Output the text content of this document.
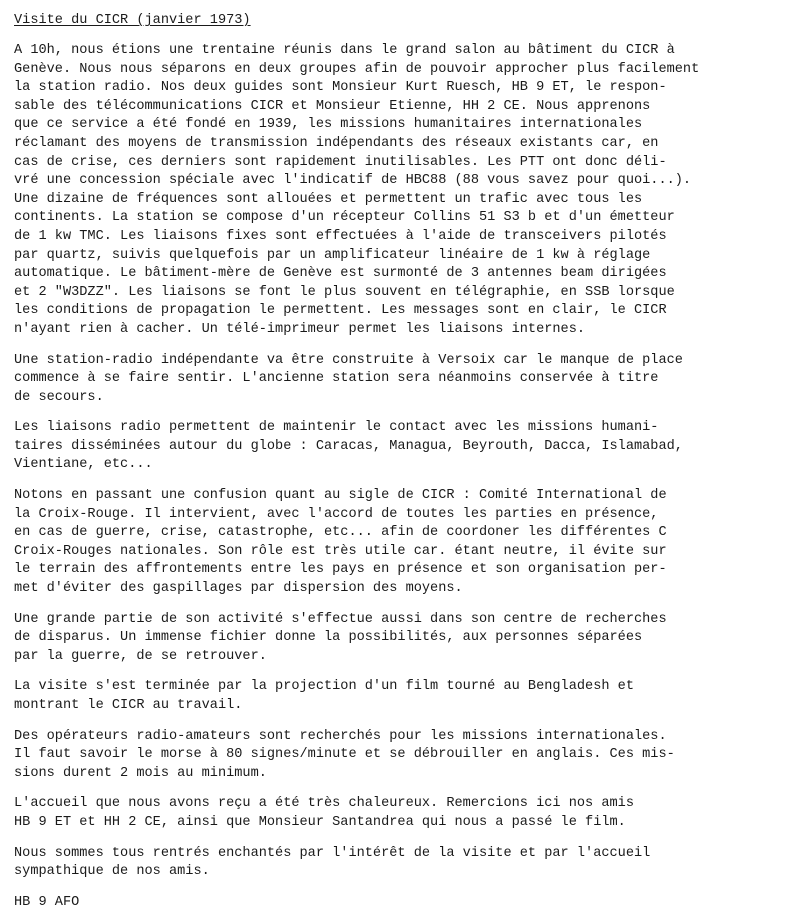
Visite du CICR (janvier 1973)
A 10h, nous étions une trentaine réunis dans le grand salon au bâtiment du CICR à
Genève. Nous nous séparons en deux groupes afin de pouvoir approcher plus facilement
la station radio. Nos deux guides sont Monsieur Kurt Ruesch, HB 9 ET, le respon-
sable des télécommunications CICR et Monsieur Etienne, HH 2 CE. Nous apprenons
que ce service a été fondé en 1939, les missions humanitaires internationales
réclamant des moyens de transmission indépendants des réseaux existants car, en
cas de crise, ces derniers sont rapidement inutilisables. Les PTT ont donc déli-
vré une concession spéciale avec l'indicatif de HBC88 (88 vous savez pour quoi...).
Une dizaine de fréquences sont allouées et permettent un trafic avec tous les
continents. La station se compose d'un récepteur Collins 51 S3 b et d'un émetteur
de 1 kw TMC. Les liaisons fixes sont effectuées à l'aide de transceivers pilotés
par quartz, suivis quelquefois par un amplificateur linéaire de 1 kw à réglage
automatique. Le bâtiment-mère de Genève est surmonté de 3 antennes beam dirigées
et 2 "W3DZZ". Les liaisons se font le plus souvent en télégraphie, en SSB lorsque
les conditions de propagation le permettent. Les messages sont en clair, le CICR
n'ayant rien à cacher. Un télé-imprimeur permet les liaisons internes.
Une station-radio indépendante va être construite à Versoix car le manque de place
commence à se faire sentir. L'ancienne station sera néanmoins conservée à titre
de secours.
Les liaisons radio permettent de maintenir le contact avec les missions humani-
taires disséminées autour du globe : Caracas, Managua, Beyrouth, Dacca, Islamabad,
Vientiane, etc...
Notons en passant une confusion quant au sigle de CICR : Comité International de
la Croix-Rouge. Il intervient, avec l'accord de toutes les parties en présence,
en cas de guerre, crise, catastrophe, etc... afin de coordoner les différentes C
Croix-Rouges nationales. Son rôle est très utile car. étant neutre, il évite sur
le terrain des affrontements entre les pays en présence et son organisation per-
met d'éviter des gaspillages par dispersion des moyens.
Une grande partie de son activité s'effectue aussi dans son centre de recherches
de disparus. Un immense fichier donne la possibilités, aux personnes séparées
par la guerre, de se retrouver.
La visite s'est terminée par la projection d'un film tourné au Bengladesh et
montrant le CICR au travail.
Des opérateurs radio-amateurs sont recherchés pour les missions internationales.
Il faut savoir le morse à 80 signes/minute et se débrouiller en anglais. Ces mis-
sions durent 2 mois au minimum.
L'accueil que nous avons reçu a été très chaleureux. Remercions ici nos amis
HB 9 ET et HH 2 CE, ainsi que Monsieur Santandrea qui nous a passé le film.
Nous sommes tous rentrés enchantés par l'intérêt de la visite et par l'accueil
sympathique de nos amis.
HB 9 AFO
